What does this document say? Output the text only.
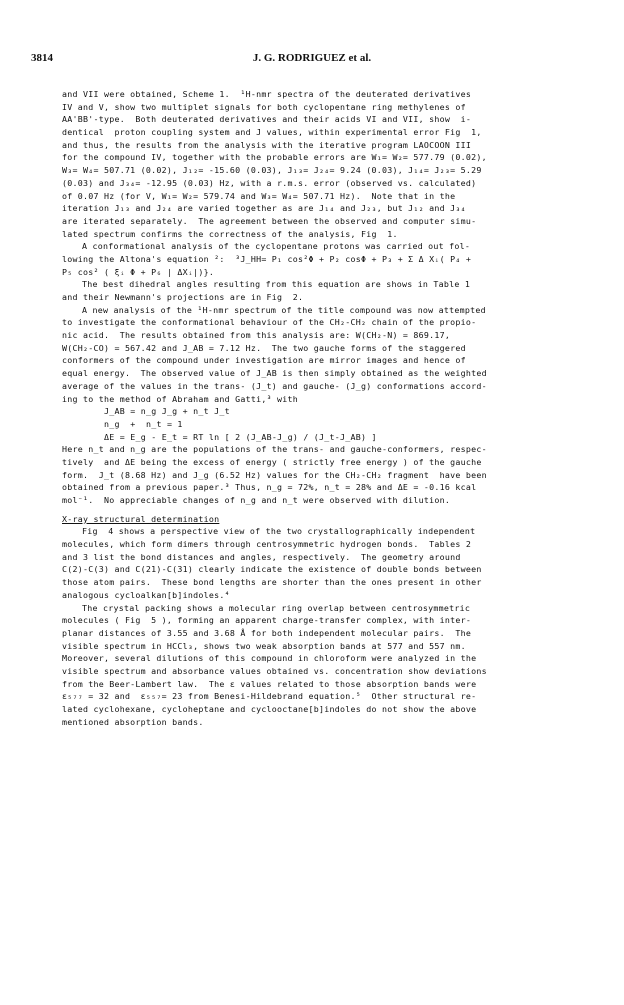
3814	J. G. RODRIGUEZ et al.
and VII were obtained, Scheme 1.  ¹H-nmr spectra of the deuterated derivatives
IV and V, show two multiplet signals for both cyclopentane ring methylenes of
AA'BB'-type.  Both deuterated derivatives and their acids VI and VII, show  i-
dentical  proton coupling system and J values, within experimental error Fig  1,
and thus, the results from the analysis with the iterative program LAOCOON III
for the compound IV, together with the probable errors are W₁= W₂= 577.79 (0.02),
W₃= W₄= 507.71 (0.02), J₁₂= -15.60 (0.03), J₁₃= J₂₄= 9.24 (0.03), J₁₄= J₂₃= 5.29
(0.03) and J₃₄= -12.95 (0.03) Hz, with a r.m.s. error (observed vs. calculated)
of 0.07 Hz (for V, W₁= W₂= 579.74 and W₃= W₄= 507.71 Hz).  Note that in the
iteration J₁₃ and J₂₄ are varied together as are J₁₄ and J₂₃, but J₁₂ and J₃₄
are iterated separately.  The agreement between the observed and computer simu-
lated spectrum confirms the correctness of the analysis, Fig  1.
A conformational analysis of the cyclopentane protons was carried out fol-
lowing the Altona's equation ²:  ³J_HH= P₁ cos²Φ + P₂ cosΦ + P₃ + Σ Δ Xᵢ( P₄ +
P₅ cos² ( ξᵢ Φ + P₆ | ΔXᵢ|)}.
The best dihedral angles resulting from this equation are shows in Table 1
and their Newmann's projections are in Fig  2.
A new analysis of the ¹H-nmr spectrum of the title compound was now attempted
to investigate the conformational behaviour of the CH₂-CH₂ chain of the propio-
nic acid.  The results obtained from this analysis are: W(CH₂-N) = 869.17,
W(CH₂-CO) = 567.42 and J_AB = 7.12 Hz.  The two gauche forms of the staggered
conformers of the compound under investigation are mirror images and hence of
equal energy.  The observed value of J_AB is then simply obtained as the weighted
average of the values in the trans- (J_t) and gauche- (J_g) conformations accord-
ing to the method of Abraham and Gatti,³ with
J_AB = n_g J_g + n_t J_t
n_g  +  n_t = 1
ΔE = E_g - E_t = RT ln [ 2 (J_AB-J_g) / (J_t-J_AB) ]
Here n_t and n_g are the populations of the trans- and gauche-conformers, respec-
tively  and ΔE being the excess of energy ( strictly free energy ) of the gauche
form.  J_t (8.68 Hz) and J_g (6.52 Hz) values for the CH₂-CH₂ fragment  have been
obtained from a previous paper.³ Thus, n_g = 72%, n_t = 28% and ΔE = -0.16 kcal
mol⁻¹.  No appreciable changes of n_g and n_t were observed with dilution.
X-ray structural determination
Fig  4 shows a perspective view of the two crystallographically independent
molecules, which form dimers through centrosymmetric hydrogen bonds.  Tables 2
and 3 list the bond distances and angles, respectively.  The geometry around
C(2)-C(3) and C(21)-C(31) clearly indicate the existence of double bonds between
those atom pairs.  These bond lengths are shorter than the ones present in other
analogous cycloalkan[b]indoles.⁴
The crystal packing shows a molecular ring overlap between centrosymmetric
molecules ( Fig  5 ), forming an apparent charge-transfer complex, with inter-
planar distances of 3.55 and 3.68 Å for both independent molecular pairs.  The
visible spectrum in HCCl₃, shows two weak absorption bands at 577 and 557 nm.
Moreover, several dilutions of this compound in chloroform were analyzed in the
visible spectrum and absorbance values obtained vs. concentration show deviations
from the Beer-Lambert law.  The ε values related to those absorption bands were
ε₅₇₇ = 32 and  ε₅₅₇= 23 from Benesi-Hildebrand equation.⁵  Other structural re-
lated cyclohexane, cycloheptane and cyclooctane[b]indoles do not show the above
mentioned absorption bands.
